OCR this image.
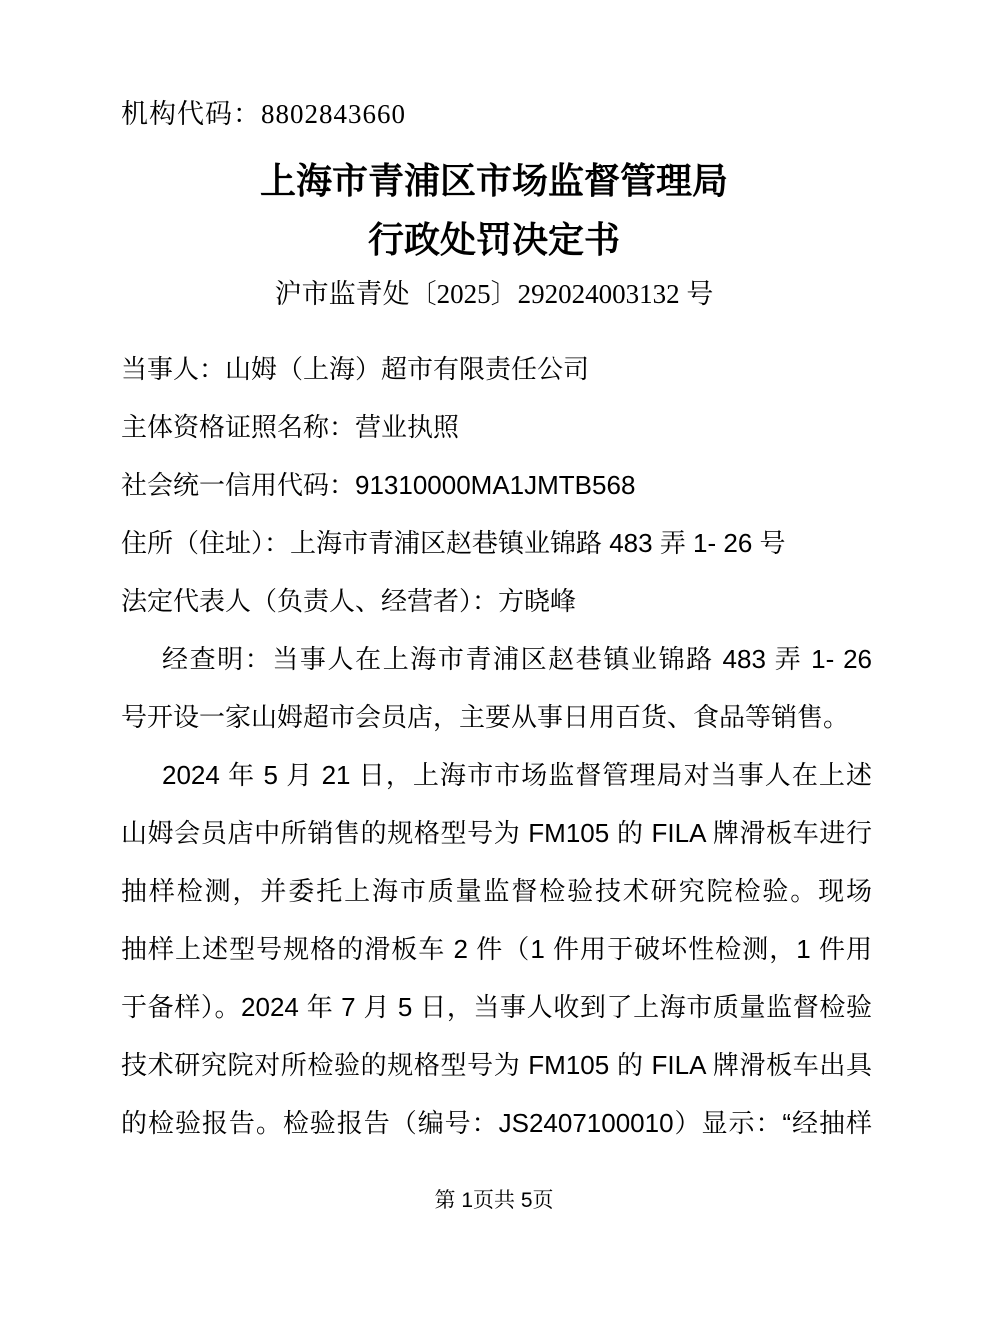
机构代码：8802843660
上海市青浦区市场监督管理局
行政处罚决定书
沪市监青处〔2025〕292024003132 号

当事人：山姆（上海）超市有限责任公司

主体资格证照名称：营业执照

社会统一信用代码：91310000MA1JMTB568

住所（住址）：上海市青浦区赵巷镇业锦路 483 弄 1- 26 号

法定代表人（负责人、经营者）：方晓峰

经查明：当事人在上海市青浦区赵巷镇业锦路 483 弄 1- 26

号开设一家山姆超市会员店，主要从事日用百货、食品等销售。

2024 年 5 月 21 日，上海市市场监督管理局对当事人在上述

山姆会员店中所销售的规格型号为 FM105 的 FILA 牌滑板车进行

抽样检测，并委托上海市质量监督检验技术研究院检验。现场

抽样上述型号规格的滑板车 2 件（1 件用于破坏性检测，1 件用

于备样）。2024 年 7 月 5 日，当事人收到了上海市质量监督检验

技术研究院对所检验的规格型号为 FM105 的 FILA 牌滑板车出具

的检验报告。检验报告（编号：JS2407100010）显示：“经抽样

第 1页共 5页
